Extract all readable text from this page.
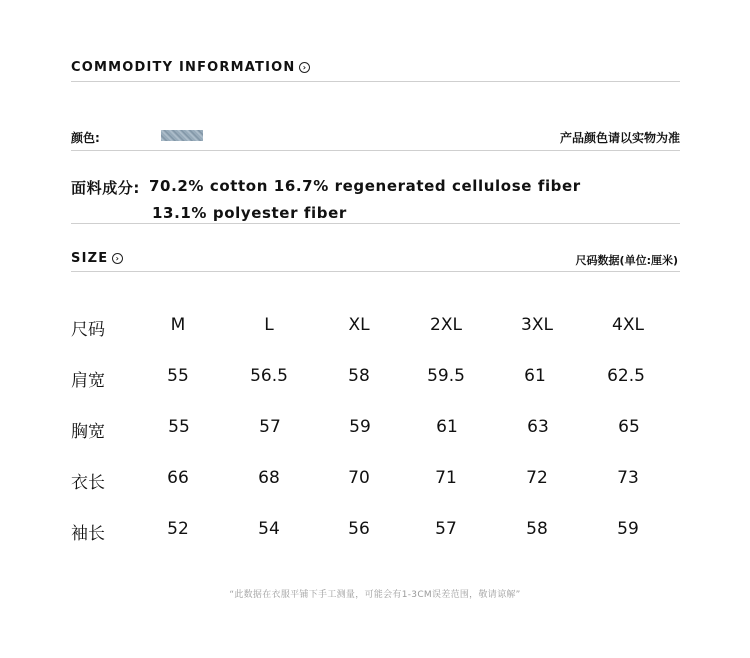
COMMODITY INFORMATION ›
颜色:	产品颜色请以实物为准
面料成分: 70.2% cotton 16.7% regenerated cellulose fiber
13.1% polyester fiber
SIZE ›	尺码数据(单位:厘米)
尺码	M	L	XL	2XL	3XL	4XL
肩宽	55	56.5	58	59.5	61	62.5
胸宽	55	57	59	61	63	65
衣长	66	68	70	71	72	73
袖长	52	54	56	57	58	59
“此数据在衣服平铺下手工测量，可能会有1-3CM误差范围，敬请谅解”
